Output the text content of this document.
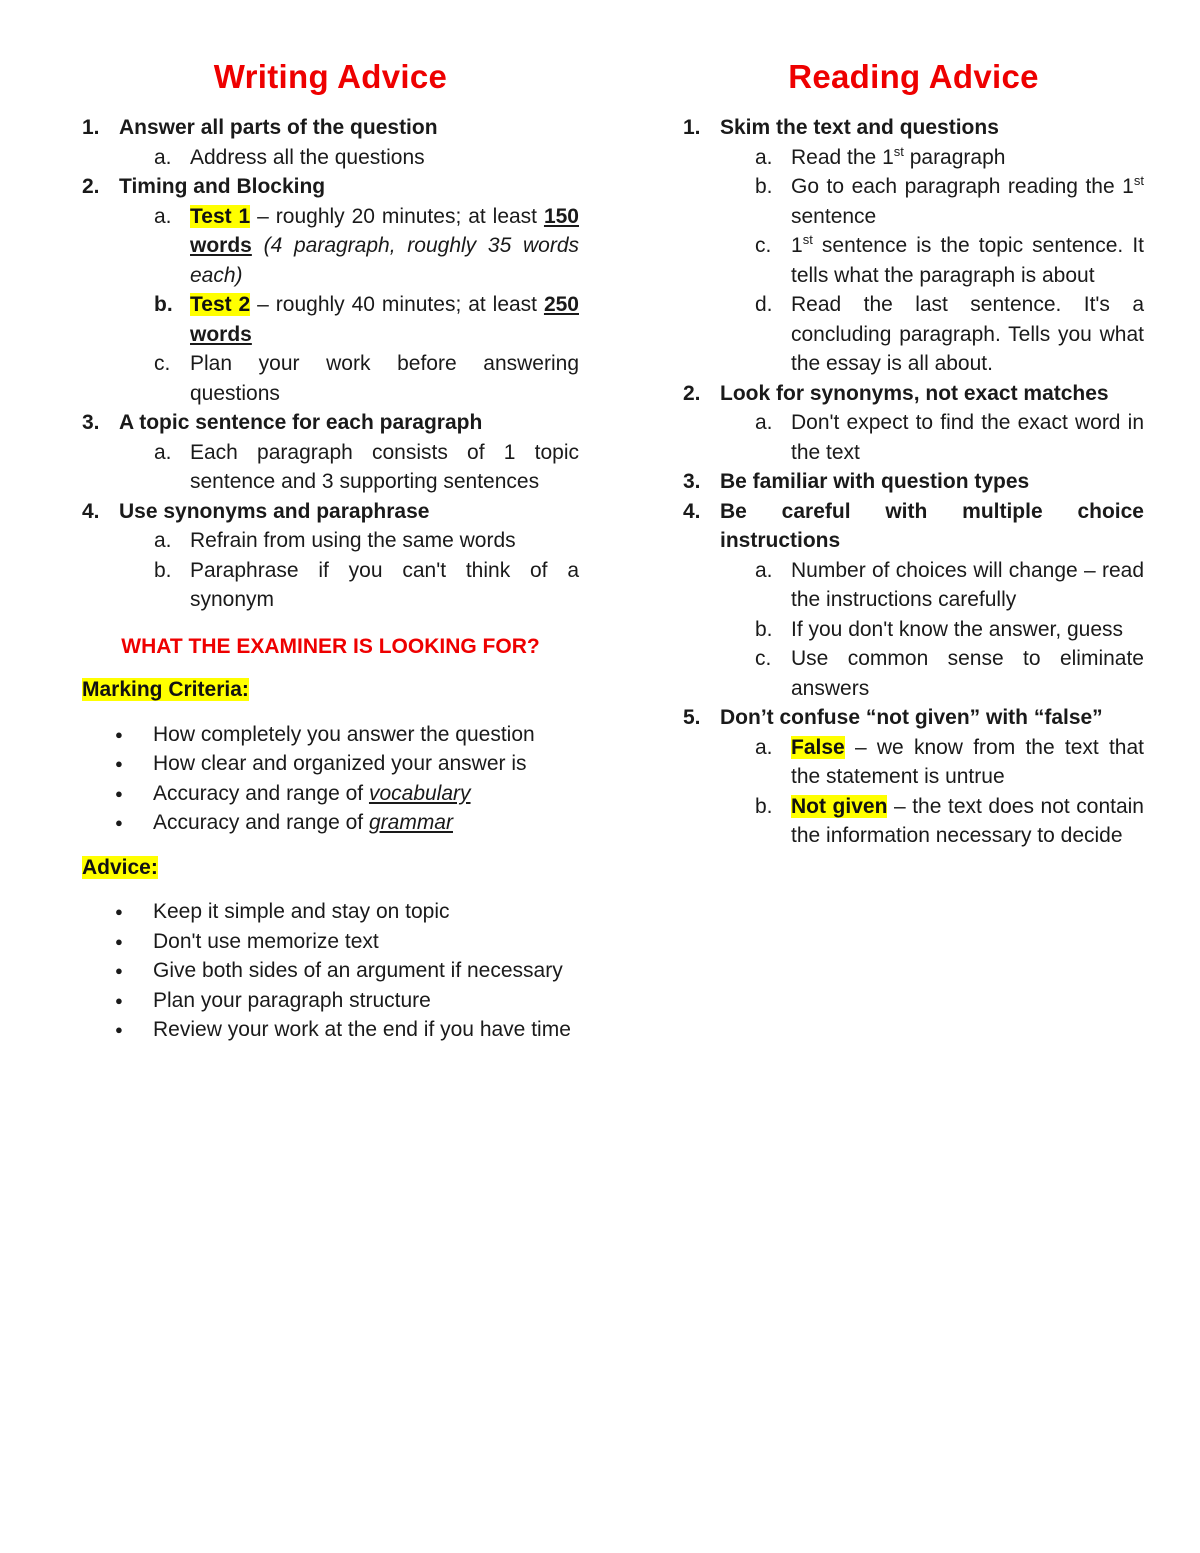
Writing Advice
1. Answer all parts of the question
a. Address all the questions
2. Timing and Blocking
a. Test 1 – roughly 20 minutes; at least 150 words (4 paragraph, roughly 35 words each)
b. Test 2 – roughly 40 minutes; at least 250 words
c. Plan your work before answering questions
3. A topic sentence for each paragraph
a. Each paragraph consists of 1 topic sentence and 3 supporting sentences
4. Use synonyms and paraphrase
a. Refrain from using the same words
b. Paraphrase if you can't think of a synonym
WHAT THE EXAMINER IS LOOKING FOR?
Marking Criteria:
●	How completely you answer the question
●	How clear and organized your answer is
●	Accuracy and range of vocabulary
●	Accuracy and range of grammar
Advice:
●	Keep it simple and stay on topic
●	Don't use memorize text
●	Give both sides of an argument if necessary
●	Plan your paragraph structure
●	Review your work at the end if you have time
Reading Advice
1. Skim the text and questions
a. Read the 1st paragraph
b. Go to each paragraph reading the 1st sentence
c. 1st sentence is the topic sentence. It tells what the paragraph is about
d. Read the last sentence. It's a concluding paragraph. Tells you what the essay is all about.
2. Look for synonyms, not exact matches
a. Don't expect to find the exact word in the text
3. Be familiar with question types
4. Be careful with multiple choice instructions
a. Number of choices will change – read the instructions carefully
b. If you don't know the answer, guess
c. Use common sense to eliminate answers
5. Don’t confuse “not given” with “false”
a. False – we know from the text that the statement is untrue
b. Not given – the text does not contain the information necessary to decide
